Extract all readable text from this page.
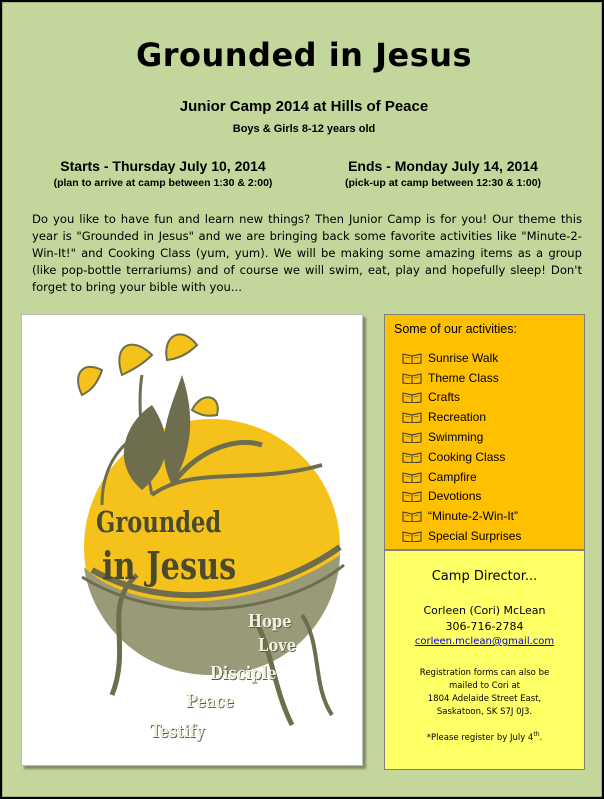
Grounded in Jesus
Junior Camp 2014 at Hills of Peace
Boys & Girls 8-12 years old
Starts - Thursday July 10, 2014
(plan to arrive at camp between 1:30 & 2:00)
Ends - Monday July 14, 2014
(pick-up at camp between 12:30 & 1:00)

Do you like to have fun and learn new things? Then Junior Camp is for you! Our theme this year is "Grounded in Jesus" and we are bringing back some favorite activities like "Minute-2-Win-It!" and Cooking Class (yum, yum). We will be making some amazing items as a group (like pop-bottle terrariums) and of course we will swim, eat, play and hopefully sleep! Don't forget to bring your bible with you...

Grounded
in Jesus
Hope
Love
Disciple
Peace
Testify
Some of our activities:
Sunrise Walk
Theme Class
Crafts
Recreation
Swimming
Cooking Class
Campfire
Devotions
“Minute-2-Win-It”
Special Surprises
Camp Director...
Corleen (Cori) McLean
306-716-2784
corleen.mclean@gmail.com
Registration forms can also be
mailed to Cori at
1804 Adelaide Street East,
Saskatoon, SK S7J 0J3.
*Please register by July 4th.
